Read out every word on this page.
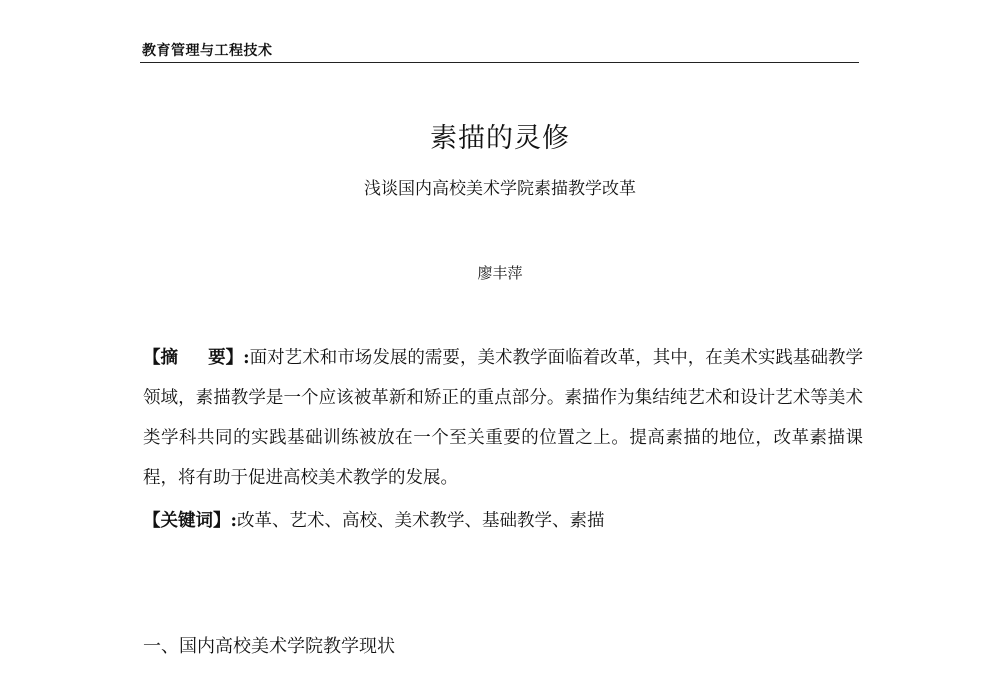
教育管理与工程技术
素描的灵修
浅谈国内高校美术学院素描教学改革
廖丰萍
【摘 要】:面对艺术和市场发展的需要，美术教学面临着改革，其中，在美术实践基础教学领域，素描教学是一个应该被革新和矫正的重点部分。素描作为集结纯艺术和设计艺术等美术类学科共同的实践基础训练被放在一个至关重要的位置之上。提高素描的地位，改革素描课程，将有助于促进高校美术教学的发展。
【关键词】:改革、艺术、高校、美术教学、基础教学、素描
一、国内高校美术学院教学现状
